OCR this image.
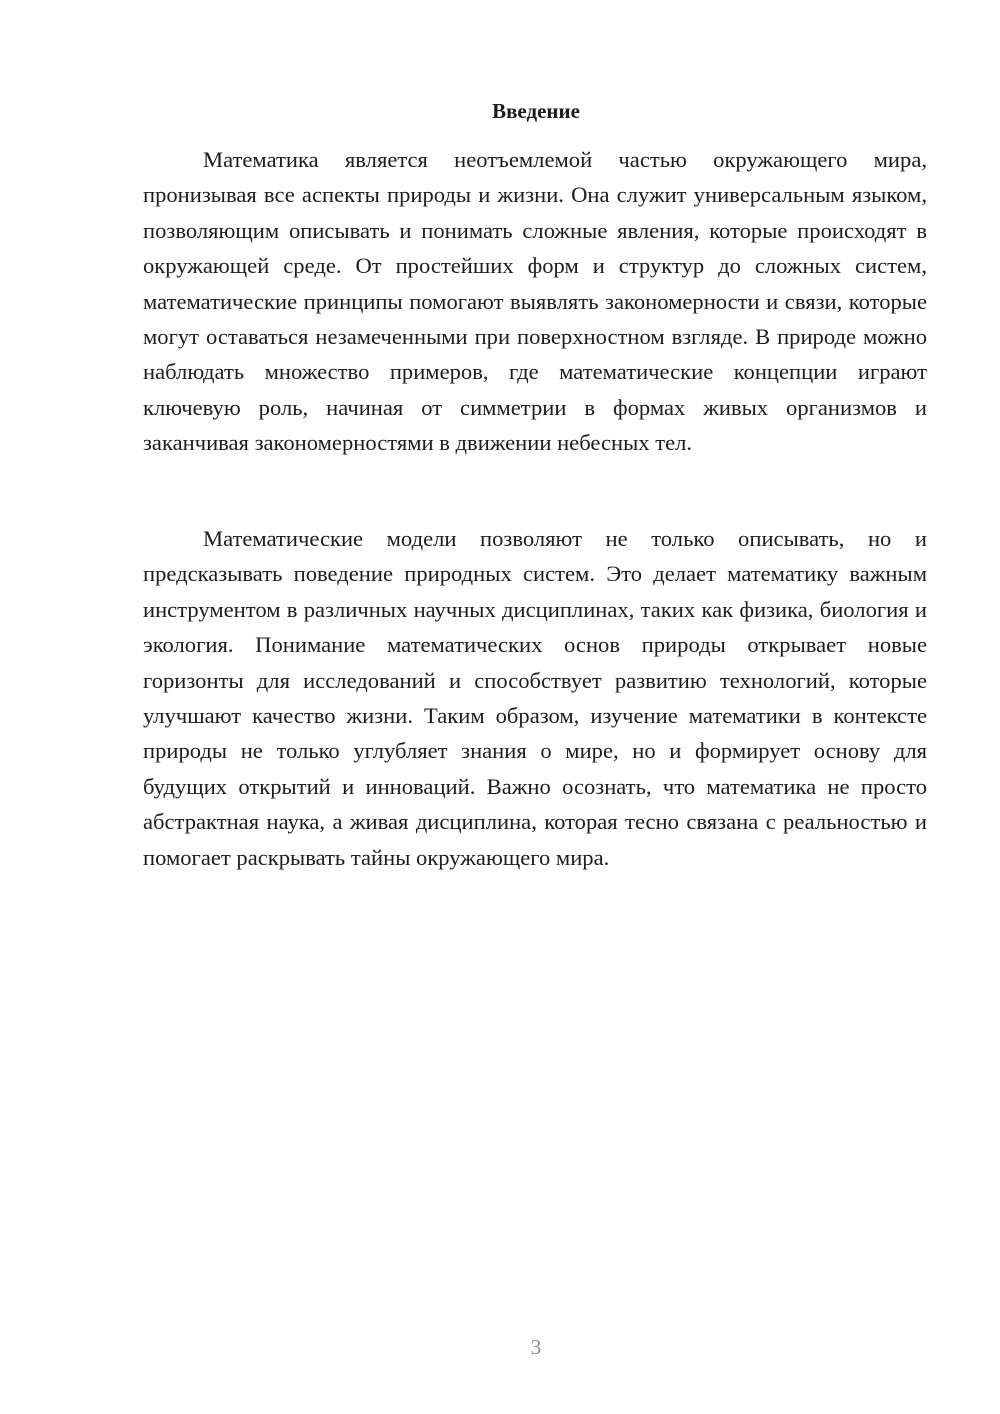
Введение

Математика является неотъемлемой частью окружающего мира, пронизывая все аспекты природы и жизни. Она служит универсальным языком, позволяющим описывать и понимать сложные явления, которые происходят в окружающей среде. От простейших форм и структур до сложных систем, математические принципы помогают выявлять закономерности и связи, которые могут оставаться незамеченными при поверхностном взгляде. В природе можно наблюдать множество примеров, где математические концепции играют ключевую роль, начиная от симметрии в формах живых организмов и заканчивая закономерностями в движении небесных тел.

Математические модели позволяют не только описывать, но и предсказывать поведение природных систем. Это делает математику важным инструментом в различных научных дисциплинах, таких как физика, биология и экология. Понимание математических основ природы открывает новые горизонты для исследований и способствует развитию технологий, которые улучшают качество жизни. Таким образом, изучение математики в контексте природы не только углубляет знания о мире, но и формирует основу для будущих открытий и инноваций. Важно осознать, что математика не просто абстрактная наука, а живая дисциплина, которая тесно связана с реальностью и помогает раскрывать тайны окружающего мира.

3
